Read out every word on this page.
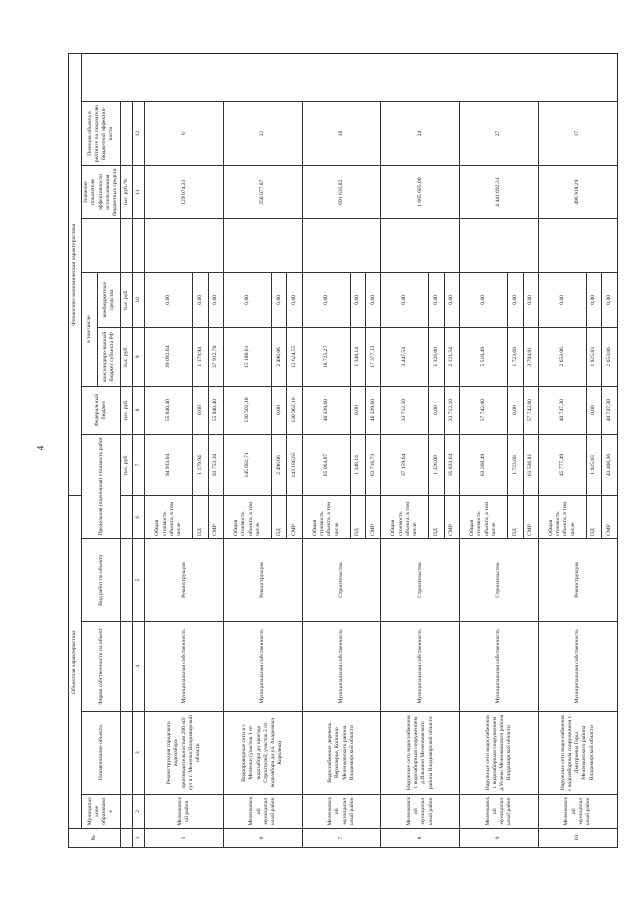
4
№	Объектная характеристика					Финансово-экономическая характеристика						
	Муниципальное образование	Наименование объекта	Форма собственности на объект	Вид работ по объекту	Предельная (оценочная) стоимость работ		Федеральный бюджет	в том числе			Значение показателя эффективности использования бюджетных средств	Позиция объекта в рейтинге по показателю бюджетной эффектив-ности
								консолидиро-ванный бюджет субъекта РФ	внебюджетные средства			
						тыс. руб.	тыс. руб.	тыс. руб.	тыс. руб.		тыс. руб./%	
1	2	3	4	5	6	7	8	9	10		11	12
5	Меленковский район	Реконструкция городского водозабора производительностью 200 м3/сут в г. Меленки Владимирской области	Муниципальная собственность	Реконструкция	Общая стоимость объекта, в том числе	94 933,04	55 840,40	39 092,64	0,00		129 074,31	6
					ПД	1 179,94	0,00	1 179,94	0,00			
					СМР	93 753,10	55 840,40	37 912,70	0,00			
6	Меленковский муниципальный район	Водопроводные сети в г. Меленки (участок 1 от водозабора до проезда Строителей; участок 2 от водозабора до ул. Академика Королева)	Муниципальная собственность	Реконструкция	Общая стоимость объекта, в том числе	145 682,71	130 502,10	15 180,61	0,00		258 077,87	12
					ПД	2 496,06	0,00	2 496,06	0,00			
					СМР	143 186,65	130 962,10	12 624,55	0,00			
7	Меленковский муниципальный район	Водоснабжение деревень Верхозерье, Копнино Меленковского района Владимирской области	Муниципальная собственность	Строительство	Общая стоимость объекта, в том числе	65 064,87	46 339,60	18 725,27	0,00		691 635,82	18
					ПД	1 348,14	0,00	1 348,14	0,00			
					СМР	63 716,73	46 339,60	17 377,13	0,00			
8	Меленковский муниципальный район	Наружные сети водоснабжения с водозаборным сооружением д.Илькино Меленковского района Владимирской области	Муниципальная собственность	Строительство	Общая стоимость объекта, в том числе	37 159,64	33 712,10	3 447,54	0,00		1 685 605,00	24
					ПД	1 326,00	0,00	1 326,00	0,00			
					СМР	35 833,64	33 712,10	2 121,54	0,00			
9	Меленковский муниципальный район	Наружные сети водоснабжения с водозаборным сооружением д.Усаево Меленковского района Владимирской области	Муниципальная собственность	Строительство	Общая стоимость объекта, в том числе	63 260,49	57 742,00	5 518,49	0,00		4 441 692,31	27
					ПД	1 723,68	0,00	1 723,68	0,00			
					СМР	61 536,81	57 742,00	3 794,81	0,00			
10	Меленковский муниципальный район	Наружные сети водоснабжения с водозаборным сооружением с. Дмитриевы Горы Меленковского района Владимирской области	Муниципальная собственность	Реконструкция	Общая стоимость объекта, в том числе	45 777,49	40 747,30	2 653,06	0,00		496 918,29	17
					ПД	1 925,83	0,00	1 925,83	0,00			
					СМР	43 400,36	40 747,30	2 653,06	0,00			
